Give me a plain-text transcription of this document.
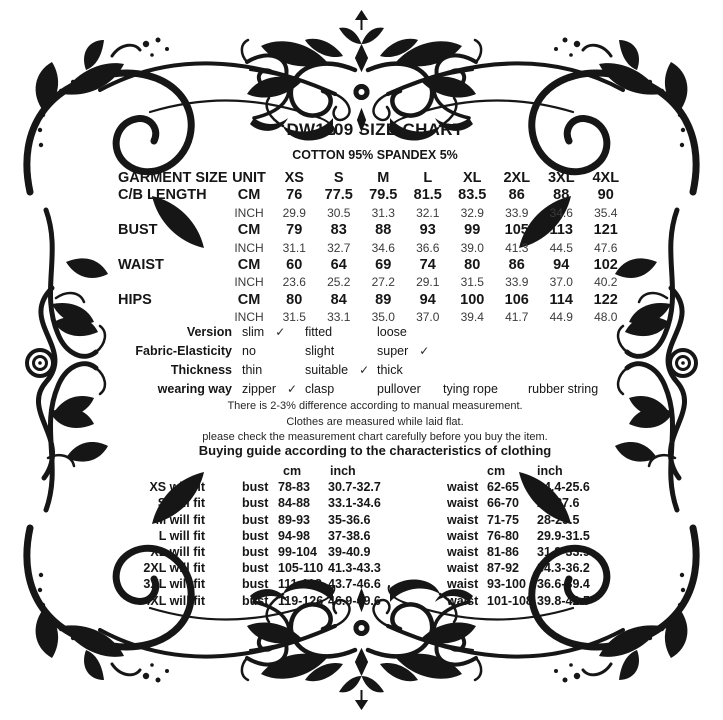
DW1109 SIZE CHART
COTTON 95% SPANDEX 5%
GARMENT SIZE UNIT	XS	S	M	L	XL	2XL	3XL	4XL
C/B LENGTH	CM	76	77.5	79.5	81.5	83.5	86	88	90
INCH	29.9	30.5	31.3	32.1	32.9	33.9	34.6	35.4
BUST	CM	79	83	88	93	99	105	113	121
INCH	31.1	32.7	34.6	36.6	39.0	41.3	44.5	47.6
WAIST	CM	60	64	69	74	80	86	94	102
INCH	23.6	25.2	27.2	29.1	31.5	33.9	37.0	40.2
HIPS	CM	80	84	89	94	100	106	114	122
INCH	31.5	33.1	35.0	37.0	39.4	41.7	44.9	48.0
Version slim ✓	fitted	loose
Fabric-Elasticity no	slight	super ✓
Thickness thin	suitable ✓ thick
wearing way zipper ✓ clasp	pullover	tying rope	rubber string
There is 2-3% difference according to manual measurement.
Clothes are measured while laid flat.
please check the measurement chart carefully before you buy the item.
Buying guide according to the characteristics of clothing
cm	inch	cm	inch
XS will fit	bust 78-83	30.7-32.7	waist 62-65	24.4-25.6
S will fit	bust 84-88	33.1-34.6	waist 66-70	26-27.6
M will fit	bust 89-93	35-36.6	waist 71-75	28-29.5
L will fit	bust 94-98	37-38.6	waist 76-80	29.9-31.5
XL will fit	bust 99-104 39-40.9	waist 81-86	31.9-33.9
2XL will fit	bust 105-110 41.3-43.3	waist 87-92	34.3-36.2
3XL will fit	bust 111-118 43.7-46.6	waist 93-100 36.6-39.4
4XL will fit	bust 119-126 46.9-49.6	waist 101-108 39.8-42.5
